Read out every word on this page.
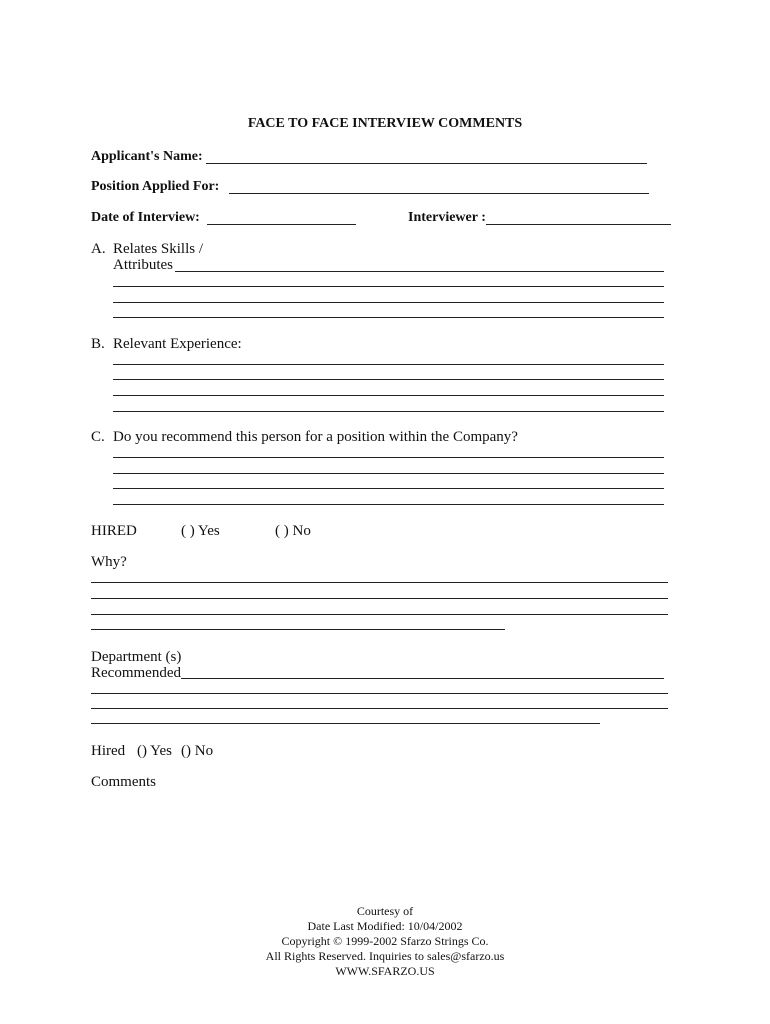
FACE TO FACE INTERVIEW COMMENTS
Applicant's Name:
Position Applied For:
Date of Interview:	Interviewer :
A. Relates Skills /
Attributes
B. Relevant Experience:
C. Do you recommend this person for a position within the Company?
HIRED	( ) Yes	( ) No
Why?
Department (s)
Recommended
Hired () Yes () No
Comments
Courtesy of
Date Last Modified: 10/04/2002
Copyright © 1999-2002 Sfarzo Strings Co.
All Rights Reserved. Inquiries to sales@sfarzo.us
WWW.SFARZO.US
